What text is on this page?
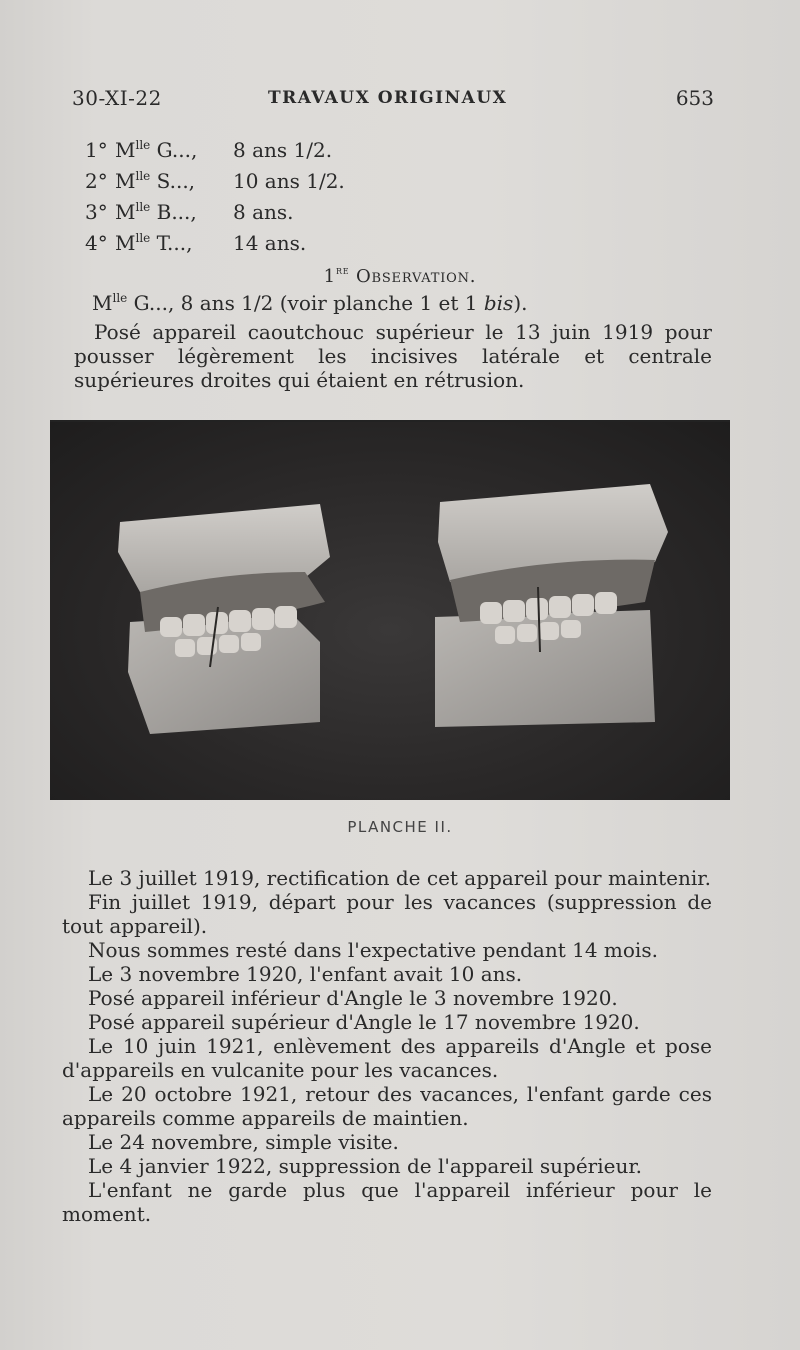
30-XI-22	TRAVAUX ORIGINAUX	653
1° $M^{lle}$ G..., 8 ans 1/2.
2° $M^{lle}$ S..., 10 ans 1/2.
3° $M^{lle}$ B..., 8 ans.
4° $M^{lle}$ T..., 14 ans.
1re Observation.
$M^{lle}$ G..., 8 ans 1/2 (voir planche 1 et 1 bis).
Posé appareil caoutchouc supérieur le 13 juin 1919 pour pousser légèrement les incisives latérale et centrale supérieures droites qui étaient en rétrusion.
PLANCHE II.

Le 3 juillet 1919, rectification de cet appareil pour maintenir.

Fin juillet 1919, départ pour les vacances (suppression de tout appareil).

Nous sommes resté dans l'expectative pendant 14 mois.

Le 3 novembre 1920, l'enfant avait 10 ans.

Posé appareil inférieur d'Angle le 3 novembre 1920.

Posé appareil supérieur d'Angle le 17 novembre 1920.

Le 10 juin 1921, enlèvement des appareils d'Angle et pose d'appareils en vulcanite pour les vacances.

Le 20 octobre 1921, retour des vacances, l'enfant garde ces appareils comme appareils de maintien.

Le 24 novembre, simple visite.

Le 4 janvier 1922, suppression de l'appareil supérieur.

L'enfant ne garde plus que l'appareil inférieur pour le moment.
